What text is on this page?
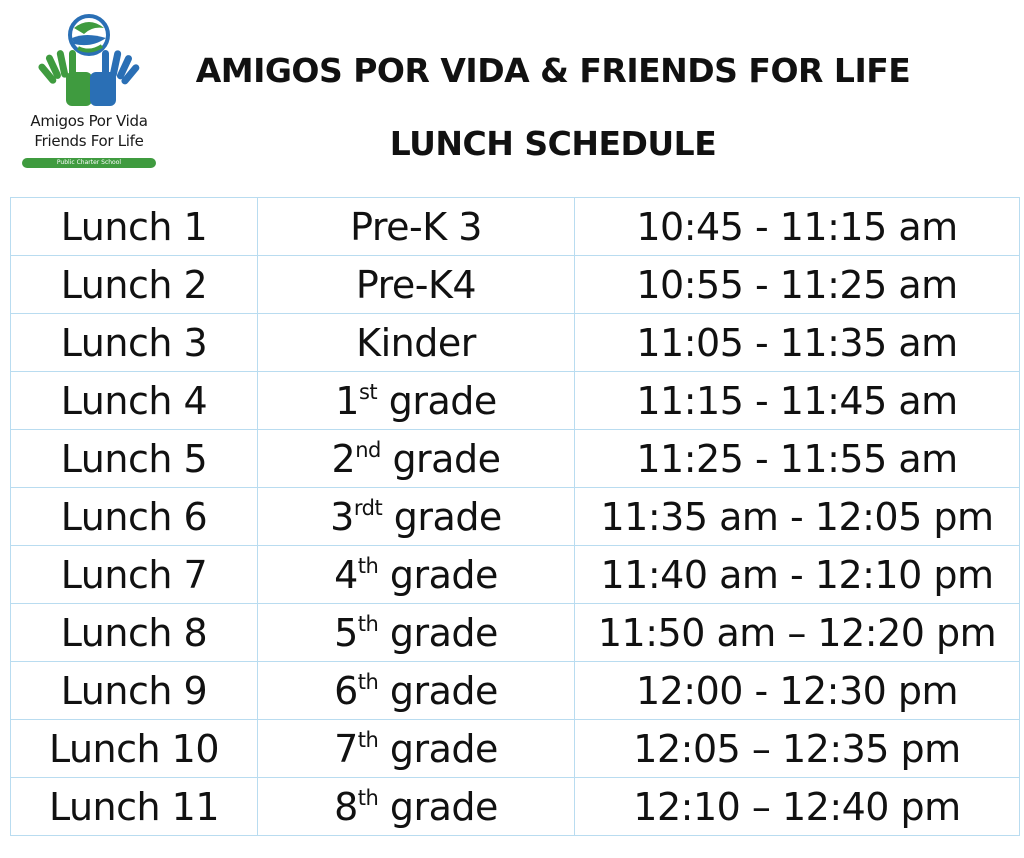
Amigos Por Vida
Friends For Life
Public Charter School
AMIGOS POR VIDA & FRIENDS FOR LIFE
LUNCH SCHEDULE
Lunch 1	Pre-K 3	10:45 - 11:15 am
Lunch 2	Pre-K4	10:55 - 11:25 am
Lunch 3	Kinder	11:05 - 11:35 am
Lunch 4	1st grade	11:15 - 11:45 am
Lunch 5	2nd grade	11:25 - 11:55 am
Lunch 6	$3^{rdt}$ grade	11:35 am - 12:05 pm
Lunch 7	4th grade	11:40 am - 12:10 pm
Lunch 8	5th grade	11:50 am – 12:20 pm
Lunch 9	6th grade	12:00 - 12:30 pm
Lunch 10	7th grade	12:05 – 12:35 pm
Lunch 11	8th grade	12:10 – 12:40 pm
